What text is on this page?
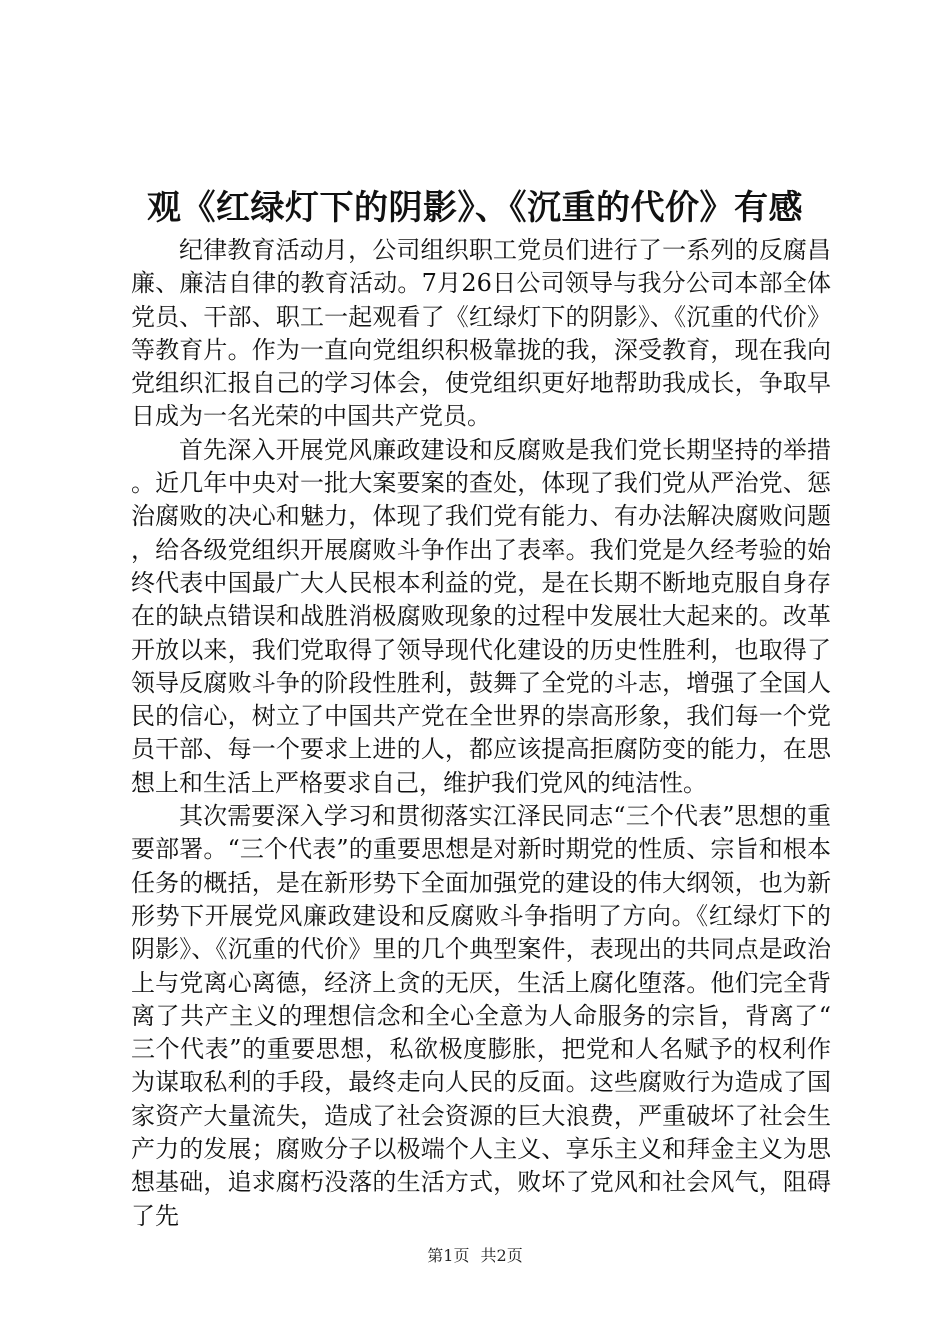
观《红绿灯下的阴影》、《沉重的代价》有感

纪律教育活动月，公司组织职工党员们进行了一系列的反腐昌廉、廉洁自律的教育活动。7月26日公司领导与我分公司本部全体党员、干部、职工一起观看了《红绿灯下的阴影》、《沉重的代价》等教育片。作为一直向党组织积极靠拢的我，深受教育，现在我向党组织汇报自己的学习体会，使党组织更好地帮助我成长，争取早日成为一名光荣的中国共产党员。

首先深入开展党风廉政建设和反腐败是我们党长期坚持的举措。近几年中央对一批大案要案的查处，体现了我们党从严治党、惩治腐败的决心和魅力，体现了我们党有能力、有办法解决腐败问题，给各级党组织开展腐败斗争作出了表率。我们党是久经考验的始终代表中国最广大人民根本利益的党，是在长期不断地克服自身存在的缺点错误和战胜消极腐败现象的过程中发展壮大起来的。改革开放以来，我们党取得了领导现代化建设的历史性胜利，也取得了领导反腐败斗争的阶段性胜利，鼓舞了全党的斗志，增强了全国人民的信心，树立了中国共产党在全世界的崇高形象，我们每一个党员干部、每一个要求上进的人，都应该提高拒腐防变的能力，在思想上和生活上严格要求自己，维护我们党风的纯洁性。

其次需要深入学习和贯彻落实江泽民同志“三个代表”思想的重要部署。“三个代表”的重要思想是对新时期党的性质、宗旨和根本任务的概括，是在新形势下全面加强党的建设的伟大纲领，也为新形势下开展党风廉政建设和反腐败斗争指明了方向。《红绿灯下的阴影》、《沉重的代价》里的几个典型案件，表现出的共同点是政治上与党离心离德，经济上贪的无厌，生活上腐化堕落。他们完全背离了共产主义的理想信念和全心全意为人命服务的宗旨，背离了“三个代表”的重要思想，私欲极度膨胀，把党和人名赋予的权利作为谋取私利的手段，最终走向人民的反面。这些腐败行为造成了国家资产大量流失，造成了社会资源的巨大浪费，严重破坏了社会生产力的发展；腐败分子以极端个人主义、享乐主义和拜金主义为思想基础，追求腐朽没落的生活方式，败坏了党风和社会风气，阻碍了先

第1页 共2页
